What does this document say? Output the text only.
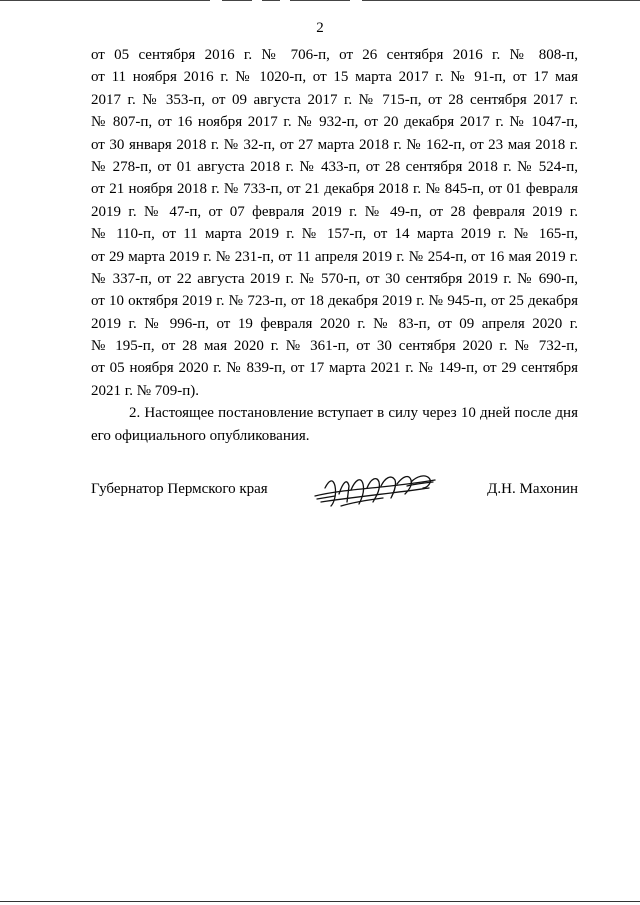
2
от 05 сентября 2016 г. № 706-п, от 26 сентября 2016 г. № 808-п,
от 11 ноября 2016 г. № 1020-п, от 15 марта 2017 г. № 91-п, от 17 мая
2017 г. № 353-п, от 09 августа 2017 г. № 715-п, от 28 сентября 2017 г.
№ 807-п, от 16 ноября 2017 г. № 932-п, от 20 декабря 2017 г. № 1047-п,
от 30 января 2018 г. № 32-п, от 27 марта 2018 г. № 162-п, от 23 мая 2018 г.
№ 278-п, от 01 августа 2018 г. № 433-п, от 28 сентября 2018 г. № 524-п,
от 21 ноября 2018 г. № 733-п, от 21 декабря 2018 г. № 845-п, от 01 февраля
2019 г. № 47-п, от 07 февраля 2019 г. № 49-п, от 28 февраля 2019 г.
№ 110-п, от 11 марта 2019 г. № 157-п, от 14 марта 2019 г. № 165-п,
от 29 марта 2019 г. № 231-п, от 11 апреля 2019 г. № 254-п, от 16 мая 2019 г.
№ 337-п, от 22 августа 2019 г. № 570-п, от 30 сентября 2019 г. № 690-п,
от 10 октября 2019 г. № 723-п, от 18 декабря 2019 г. № 945-п, от 25 декабря
2019 г. № 996-п, от 19 февраля 2020 г. № 83-п, от 09 апреля 2020 г.
№ 195-п, от 28 мая 2020 г. № 361-п, от 30 сентября 2020 г. № 732-п,
от 05 ноября 2020 г. № 839-п, от 17 марта 2021 г. № 149-п, от 29 сентября
2021 г. № 709-п).
2. Настоящее постановление вступает в силу через 10 дней после дня
его официального опубликования.
Губернатор Пермского края	Д.Н. Махонин
